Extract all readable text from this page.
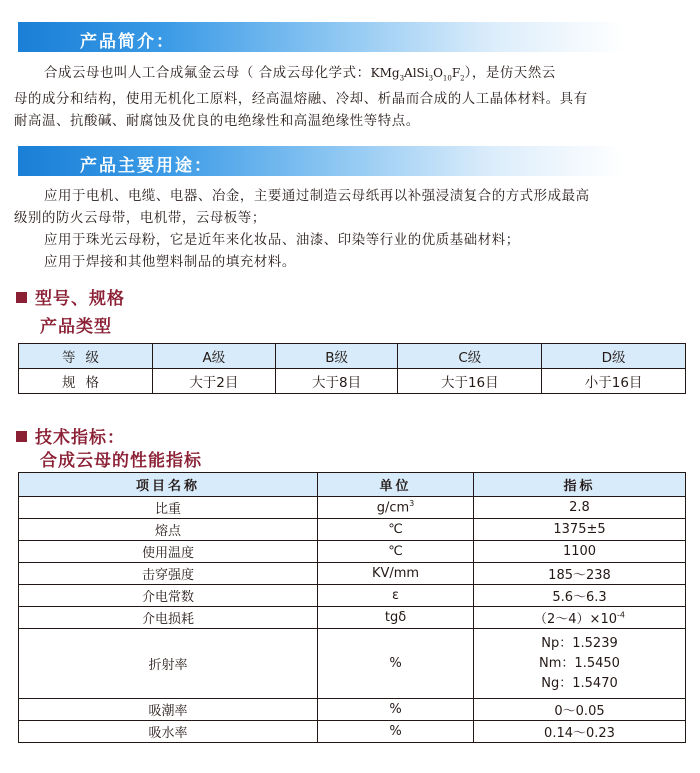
产品简介：

合成云母也叫人工合成氟金云母（ 合成云母化学式：$KMg_3AlSi_3O_{10}F_2$），是仿天然云

母的成分和结构，使用无机化工原料，经高温熔融、冷却、析晶而合成的人工晶体材料。具有

耐高温、抗酸碱、耐腐蚀及优良的电绝缘性和高温绝缘性等特点。

产品主要用途：

应用于电机、电缆、电器、冶金，主要通过制造云母纸再以补强浸渍复合的方式形成最高

级别的防火云母带，电机带，云母板等；

应用于珠光云母粉，它是近年来化妆品、油漆、印染等行业的优质基础材料；

应用于焊接和其他塑料制品的填充材料。

型号、规格
产品类型
等级	A级	B级	C级	D级
规格	大于2目	大于8目	大于16目	小于16目
技术指标：
合成云母的性能指标
项目名称	单位	指标
比重	$g/cm^3$	2.8
熔点	℃	1375±5
使用温度	℃	1100
击穿强度	KV/mm	185～238
介电常数	ε	5.6～6.3
介电损耗	tgδ	$(2\sim 4)\times 10^{-4}$
折射率	%	Np：1.5239
Nm：1.5450
Ng：1.5470

吸潮率	%	0～0.05
吸水率	%	0.14～0.23
